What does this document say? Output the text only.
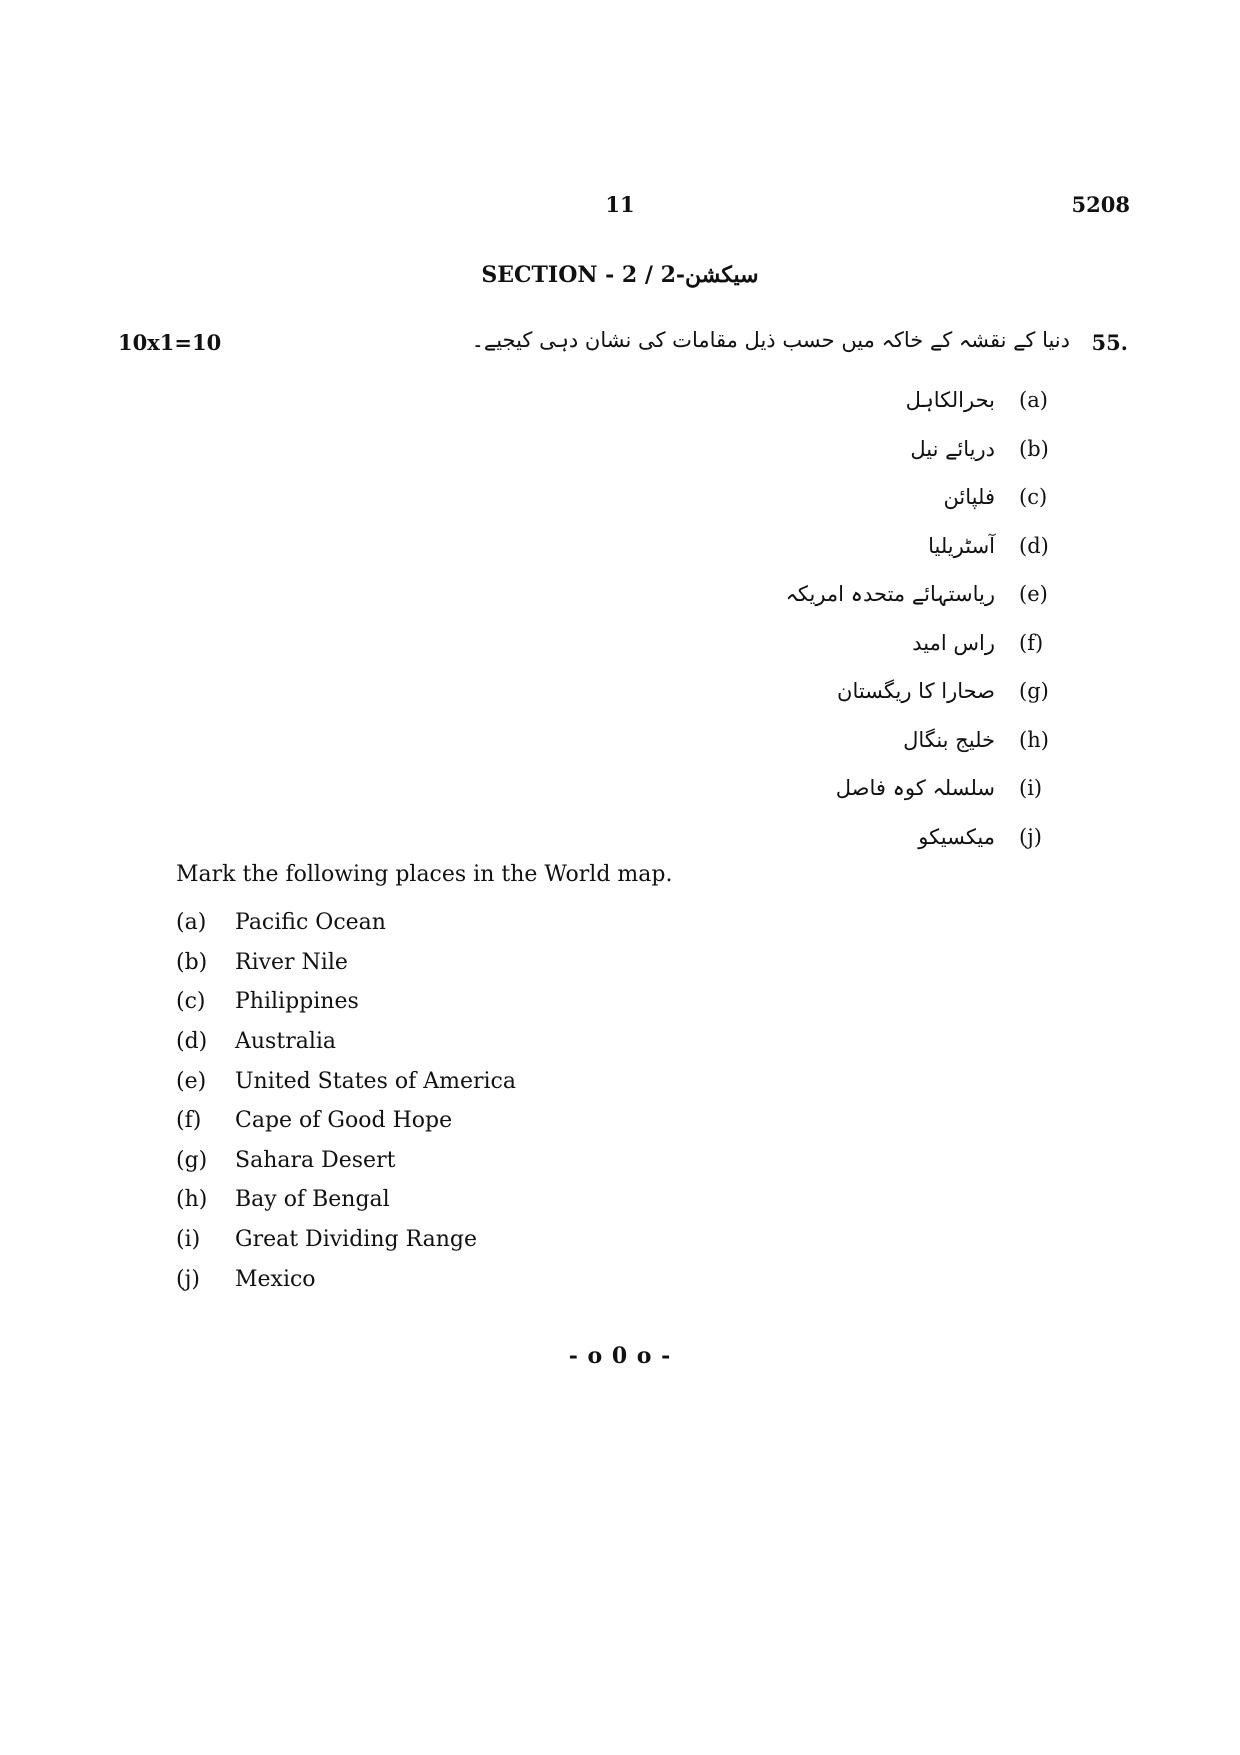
11	5208
SECTION - 2 / 2-سیکشن
10x1=10	55.
دنیا کے نقشہ کے خاکہ میں حسب ذیل مقامات کی نشان دہی کیجیے۔
(a)
بحرالکاہل
(b)
دریائے نیل
(c)
فلپائن
(d)
آسٹریلیا
(e)
ریاستہائے متحدہ امریکہ
(f)
راس امید
(g)
صحارا کا ریگستان
(h)
خلیج بنگال
(i)
سلسلہ کوہ فاصل
(j)
میکسیکو
Mark the following places in the World map.
(a)	Pacific Ocean
(b)	River Nile
(c)	Philippines
(d)	Australia
(e)	United States of America
(f)	Cape of Good Hope
(g)	Sahara Desert
(h)	Bay of Bengal
(i)	Great Dividing Range
(j)	Mexico
- o 0 o -
